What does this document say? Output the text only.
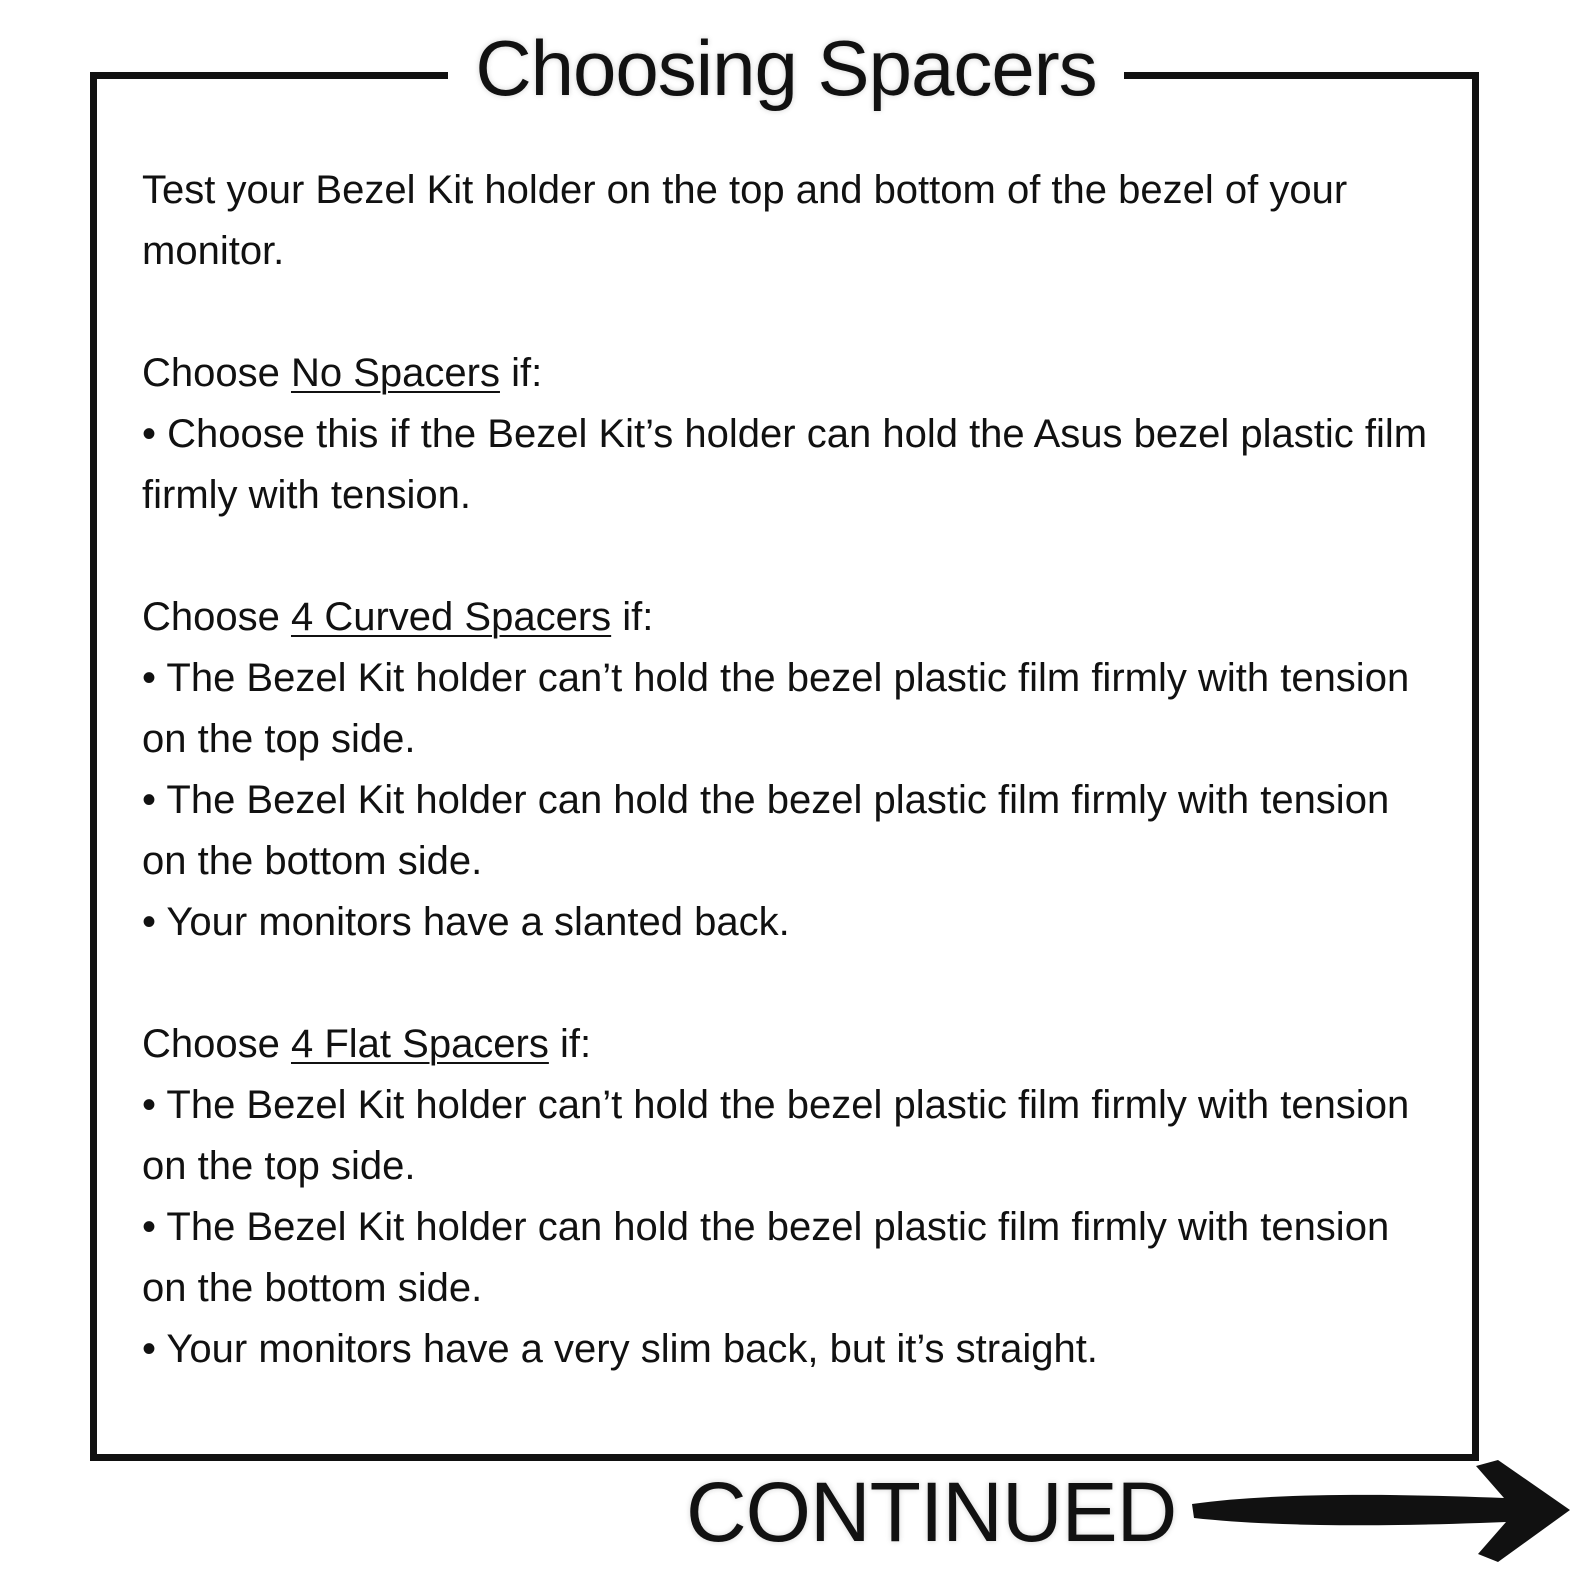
Choosing Spacers

Test your Bezel Kit holder on the top and bottom of the bezel of your monitor.

Choose No Spacers if:

• Choose this if the Bezel Kit’s holder can hold the Asus bezel plastic film firmly with tension.

Choose 4 Curved Spacers if:

• The Bezel Kit holder can’t hold the bezel plastic film firmly with tension on the top side.

• The Bezel Kit holder can hold the bezel plastic film firmly with tension on the bottom side.

• Your monitors have a slanted back.

Choose 4 Flat Spacers if:

• The Bezel Kit holder can’t hold the bezel plastic film firmly with tension on the top side.

• The Bezel Kit holder can hold the bezel plastic film firmly with tension on the bottom side.

• Your monitors have a very slim back, but it’s straight.

CONTINUED
